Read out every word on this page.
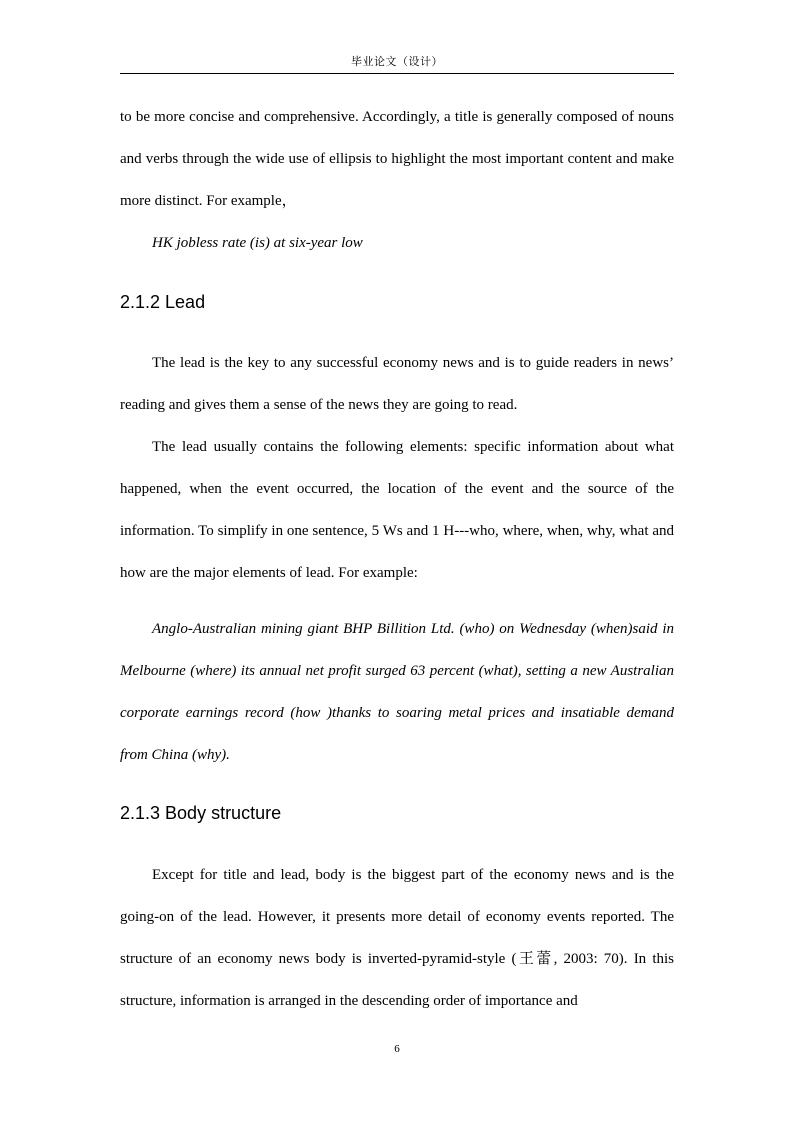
毕业论文（设计）

to be more concise and comprehensive. Accordingly, a title is generally composed of nouns and verbs through the wide use of ellipsis to highlight the most important content and make more distinct. For example，

HK jobless rate (is) at six-year low

2.1.2 Lead

The lead is the key to any successful economy news and is to guide readers in news’ reading and gives them a sense of the news they are going to read.

The lead usually contains the following elements: specific information about what happened, when the event occurred, the location of the event and the source of the information. To simplify in one sentence, 5 Ws and 1 H---who, where, when, why, what and how are the major elements of lead. For example:

Anglo-Australian mining giant BHP Billition Ltd. (who) on Wednesday (when)said in Melbourne (where) its annual net profit surged 63 percent (what), setting a new Australian corporate earnings record (how )thanks to soaring metal prices and insatiable demand from China (why).

2.1.3 Body structure

Except for title and lead, body is the biggest part of the economy news and is the going-on of the lead. However, it presents more detail of economy events reported. The structure of an economy news body is inverted-pyramid-style (王蕾, 2003: 70). In this structure, information is arranged in the descending order of importance and

6
